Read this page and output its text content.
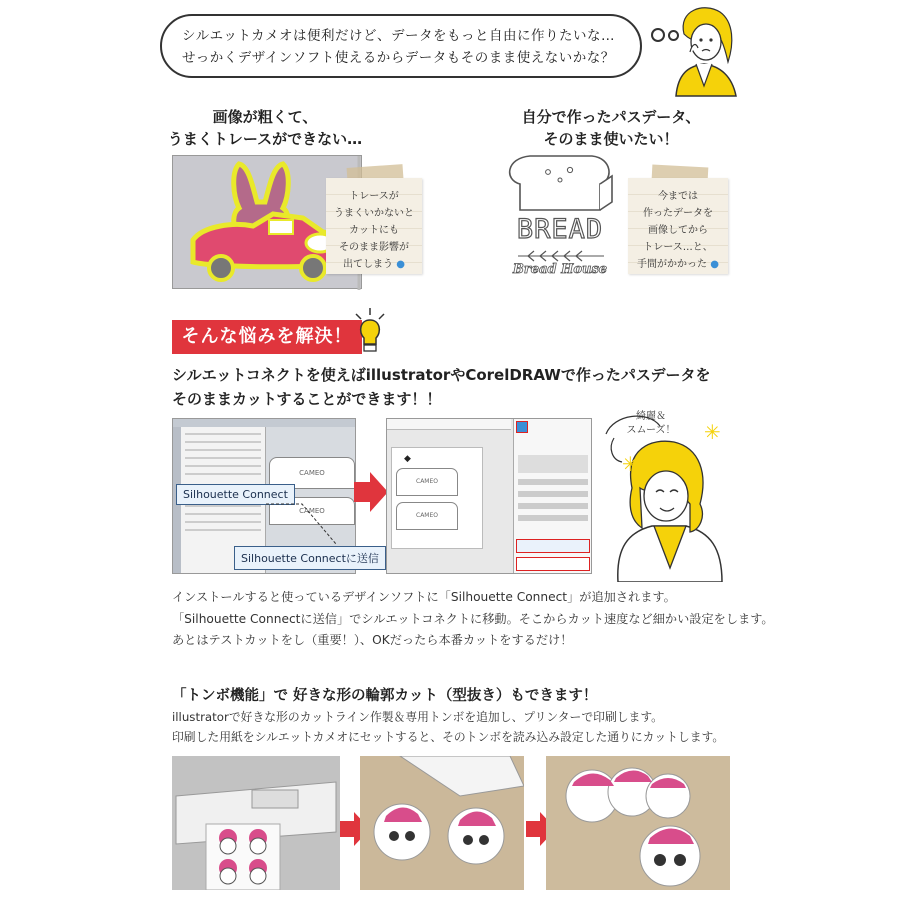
シルエットカメオは便利だけど、データをもっと自由に作りたいな…
せっかくデザインソフト使えるからデータもそのまま使えないかな？
画像が粗くて、
うまくトレースができない…
トレースが
うまくいかないと
カットにも
そのまま影響が
出てしまう ●
自分で作ったパスデータ、
そのまま使いたい！
BREAD
Bread House
今までは
作ったデータを
画像してから
トレース…と、
手間がかかった ●
そんな悩みを解決！
シルエットコネクトを使えばillustratorやCorelDRAWで作ったパスデータを
そのままカットすることができます！！
CAMEO
CAMEO
Silhouette Connect
Silhouette Connectに送信
◆
CAMEO
CAMEO
綺麗＆
スムーズ！	✳
✳
インストールすると使っているデザインソフトに「Silhouette Connect」が追加されます。
「Silhouette Connectに送信」でシルエットコネクトに移動。そこからカット速度など細かい設定をします。
あとはテストカットをし（重要！）、OKだったら本番カットをするだけ！
「トンボ機能」で 好きな形の輪郭カット（型抜き）もできます！
illustratorで好きな形のカットライン作製＆専用トンボを追加し、プリンターで印刷します。
印刷した用紙をシルエットカメオにセットすると、そのトンボを読み込み設定した通りにカットします。
